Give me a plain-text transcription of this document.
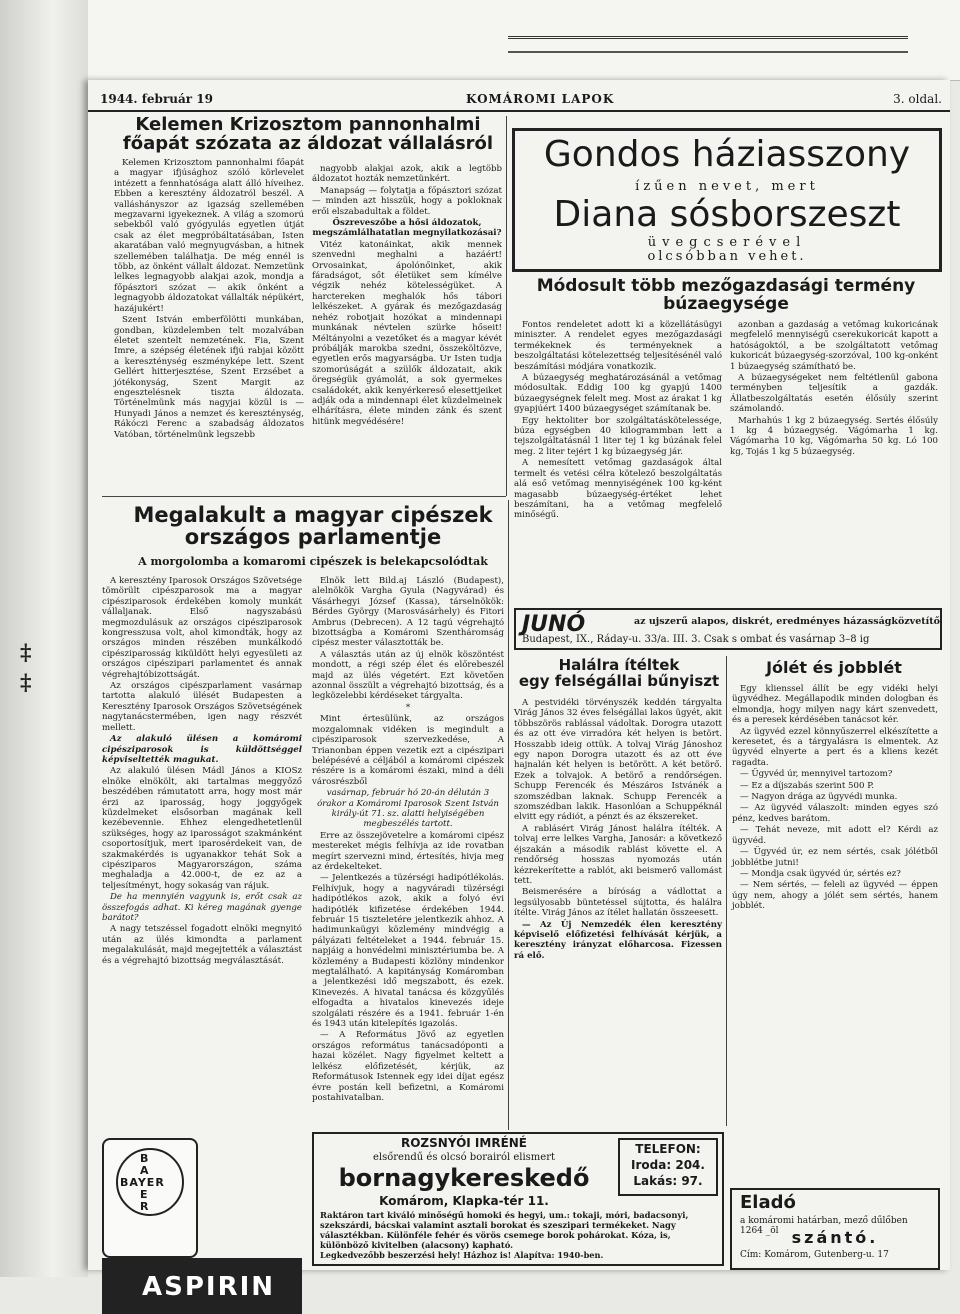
‡
‡
1944. február 19	KOMÁROMI LAPOK	3. oldal.
Kelemen Krizosztom pannonhalmi főapát szózata az áldozat vállalásról

Kelemen Krizosztom pannonhalmi főapát a magyar ifjúsághoz szóló körlevelet intézett a fennhatósága alatt álló híveihez. Ebben a keresztény áldozatról beszél. A valláshányszor az igazság szellemében megzavarni igyekeznek. A világ a szomorú sebekből való gyógyulás egyetlen útját csak az élet megpróbáltatásában, Isten akaratában való megnyugvásban, a hitnek szellemében találhatja. De még ennél is több, az önként vállalt áldozat. Nemzetünk lelkes legnagyobb alakjai azok, mondja a főpásztori szózat — akik önként a legnagyobb áldozatokat vállalták népükért, hazájukért!

Szent István emberfölötti munkában, gondban, küzdelemben telt mozalvában életet szentelt nemzetének. Fia, Szent Imre, a szépség életének ifjú rabjai között a kereszténység eszményképe lett. Szent Gellért hitterjesztése, Szent Erzsébet a jótékonyság, Szent Margit az engesztelésnek tiszta áldozata. Történelmünk más nagyjai közül is — Hunyadi János a nemzet és kereszténység, Rákóczi Ferenc a szabadság áldozatos Vatóban, történelmünk legszebb

nagyobb alakjai azok, akik a legtöbb áldozatot hozták nemzetünkért.

Manapság — folytatja a főpásztori szózat — minden azt hisszük, hogy a pokloknak erői elszabadultak a földet.

Őszreveszőbe a hősi áldozatok, megszámlálhatatlan megnyilatkozásai?

Vitéz katonáinkat, akik mennek szenvedni meghalni a hazáért! Orvosainkat, ápolónőinket, akik fáradságot, sőt életüket sem kímélve végzik nehéz kötelességüket. A harctereken meghalók hős tábori lelkészeket. A gyárak és mezőgazdaság nehéz robotjait hozókat a mindennapi munkának névtelen szürke hőseit! Méltányolni a vezetőket és a magyar kévét próbálják marokba szedni, összeköltözve, egyetlen erős magyarságba. Ur Isten tudja szomorúságát a szülők áldozatait, akik öregségük gyámolát, a sok gyermekes családokét, akik kenyérkereső elesettjeiket adják oda a mindennapi élet küzdelmeinek elhárításra, élete minden zánk és szent hitünk megvédésére!

Gondos háziasszony
ízűen nevet, mert
Diana sósborszeszt
üvegcserével
olcsóbban vehet.
Módosult több mezőgazdasági termény
búzaegysége

Fontos rendeletet adott ki a közellátásügyi miniszter. A rendelet egyes mezőgazdasági termékeknek és terményeknek a beszolgáltatási kötelezettség teljesítésénél való beszámítási módjára vonatkozik.

A búzaegység meghatározásánál a vetőmag módosultak. Eddig 100 kg gyapjú 1400 búzaegységnek felelt meg. Most az árakat 1 kg gyapjúért 1400 búzaegységet számítanak be.

Egy hektoliter bor szolgáltatáskötelessége, búza egységben 40 kilogrammban lett a tejszolgáltatásnál 1 liter tej 1 kg búzának felel meg. 2 liter tejért 1 kg búzaegység jár.

A nemesített vetőmag gazdaságok által termelt és vetési célra kötelező beszolgáltatás alá eső vetőmag mennyiségének 100 kg-ként magasabb búzaegység-értéket lehet beszámítani, ha a vetőmag megfelelő minőségű.

azonban a gazdaság a vetőmag kukoricának megfelelő mennyiségű cserekukoricát kapott a hatóságoktól, a be szolgáltatott vetőmag kukoricát búzaegység-szorzóval, 100 kg-onként 1 búzaegység számítható be.

A búzaegységeket nem feltétlenül gabona terményben teljesítik a gazdák. Állatbeszolgáltatás esetén élősúly szerint számolandó.

Marhahús 1 kg 2 búzaegység. Sertés élősúly 1 kg 4 búzaegység. Vágómarha 1 kg. Vágómarha 10 kg, Vágómarha 50 kg. Ló 100 kg, Tojás 1 kg 5 búzaegység.

Megalakult a magyar cipészek
országos parlamentje
A morgolomba a komaromi cipészek is belekapcsolódtak

A keresztény Iparosok Országos Szövetsége tömörült cipészparosok ma a magyar cipésziparosok érdekében komoly munkát vállaljanak. Első nagyszabású megmozdulásuk az országos cipésziparosok kongresszusa volt, ahol kimondták, hogy az országos minden részében munkálkodó cipésziparosság kiküldött helyi egyesületi az országos cipészipari parlamentet és annak végrehajtóbizottságát.

Az országos cipészparlament vasárnap tartotta alakuló ülését Budapesten a Keresztény Iparosok Országos Szövetségének nagytanácstermében, igen nagy részvét mellett.

Az alakuló ülésen a komáromi cipésziparosok is küldöttséggel képviseltették magukat.

Az alakuló ülésen Mádl János a KIOSz elnöke elnökölt, aki tartalmas meggyőző beszédében rámutatott arra, hogy most már érzi az iparosság, hogy joggyőgek küzdelmeket elsősorban magának kell kezébevennie. Ehhez elengedhetetlenül szükséges, hogy az iparosságot szakmánként csoportosítjuk, mert iparosérdekeit van, de szakmakérdés is ugyanakkor tehát Sok a cipésziparos Magyarországon, száma meghaladja a 42.000-t, de ez az a teljesítményt, hogy sokaság van rájuk.

De ha mennyién vagyunk is, erőt csak az összefogás adhat. Ki kéreg magának gyenge barátot?

A nagy tetszéssel fogadott elnöki megnyitó után az ülés kimondta a parlament megalakulását, majd megejtették a választást és a végrehajtó bizottság megválasztását.

Elnök lett Bild.aj László (Budapest), alelnökök Vargha Gyula (Nagyvárad) és Vásárhegyi József (Kassa), társelnökök: Bérdes György (Marosvásárhely) és Fitori Ambrus (Debrecen). A 12 tagú végrehajtó bizottságba a Komáromi Szentháromság cipész mester választották be.

A választás után az új elnök köszöntést mondott, a régi szép élet és előrebeszél majd az ülés végetért. Ezt követően azonnal összült a végrehajtó bizottság, és a legközelebbi kérdéseket tárgyalta.

*

Mint értesülünk, az országos mozgalomnak vidéken is megindult a cipésziparosok szervezkedése, A Trianonban éppen vezetik ezt a cipészipari belépésévé a céljából a komáromi cipészek részére is a komáromi északi, mind a déli városrészből

vasárnap, február hó 20-án délután 3 órakor a Komáromi Iparosok Szent István király-út 71. sz. alatti helyiségében megbeszélés tartott.

Erre az összejövetelre a komáromi cipész mestereket mégis felhívja az ide rovatban megírt szervezni mind, értesítés, hivja meg az érdekelteket.

— Jelentkezés a tüzérségi hadipótlékolás. Felhívjuk, hogy a nagyváradi tüzérségi hadipótlékos azok, akik a folyó évi hadipótlék kifizetése érdekében 1944. február 15 tiszteletére jelentkezik ahhoz. A hadimunkaügyi közlemény mindvégig a pályázati feltételeket a 1944. február 15. napjáig a honvédelmi minisztériumba be. A közlemény a Budapesti közlöny mindenkor megtalálható. A kapitányság Komáromban a jelentkezési idő megszabott, és ezek. Kinevezés. A hivatal tanácsa és közgyűlés elfogadta a hivatalos kinevezés ideje szolgálati részére és a 1941. február 1-én és 1943 után kitelepítés igazolás.

— A Református Jövő az egyetlen országos református tanácsadóponti a hazai közélet. Nagy figyelmet keltett a lelkész előfizetését, kérjük, az Reformátusok Istennek egy idei díjat egész évre postán kell befizetni, a Komáromi postahivatalban.

JUNÓ	az ujszerű alapos, diskrét, eredményes házasságközvetítő
Budapest, IX., Ráday-u. 33/a. III. 3. Csak s ombat és vasárnap 3–8 ig
Halálra ítéltek
egy felségállai bűnyiszt

A pestvidéki törvényszék keddén tárgyalta Virág János 32 éves felségállai lakos ügyét, akit többszörös rablással vádoltak. Dorogra utazott és az ott éve virradóra két helyen is betört. Hosszabb ideig ottük. A tolvaj Virág Jánoshoz egy napon Dorogra utazott és az ott éve hajnalán két helyen is betörött. A két betörő. Ezek a tolvajok. A betörő a rendőrségen. Schupp Ferencék és Mészáros Istvánék a szomszédban laknak. Schupp Ferencék a szomszédban lakik. Hasonlóan a Schuppéknál elvitt egy rádiót, a pénzt és az ékszereket.

A rablásért Virág Jánost halálra ítélték. A tolvaj erre lelkes Vargha, Janosár: a következő éjszakán a második rablást követte el. A rendőrség hosszas nyomozás után kézrekerítette a rablót, aki beismerő vallomást tett.

Beismerésére a bíróság a vádlottat a legsúlyosabb büntetéssel sújtotta, és halálra ítélte. Virág János az ítélet hallatán összeesett.

— Az Új Nemzedék élen keresztény képviselő előfizetési felhívását kérjük, a keresztény irányzat előharcosa. Fizessen rá elő.

Jólét és jobblét

Egy klienssel állít be egy vidéki helyi ügyvédhez. Megállapodik minden dologban és elmondja, hogy milyen nagy kárt szenvedett, és a peresek kérdésében tanácsot kér.

Az ügyvéd ezzel könnyűszerrel elkészítette a keresetet, és a tárgyalásra is elmentek. Az ügyvéd elnyerte a pert és a kliens kezét ragadta.

— Ügyvéd úr, mennyivel tartozom?

— Ez a díjszabás szerint 500 P.

— Nagyon drága az ügyvédi munka.

— Az ügyvéd válaszolt: minden egyes szó pénz, kedves barátom.

— Tehát neveze, mit adott el? Kérdi az ügyvéd.

— Ügyvéd úr, ez nem sértés, csak jólétből jobblétbe jutni!

— Mondja csak ügyvéd úr, sértés ez?

— Nem sértés, — feleli az ügyvéd — éppen úgy nem, ahogy a jólét sem sértés, hanem jobblét.

ROZSNYÓI IMRÉNÉ
elsőrendű és olcsó borairól elismert
bornagykereskedő
Komárom, Klapka-tér 11.
Raktáron tart kiváló minőségű homoki és hegyi, um.: tokaji, móri, badacsonyi, szekszárdi, bácskai valamint asztali borokat és szeszipari termékeket. Nagy választékban. Különféle fehér és vörös csemege borok pohárokat. Kóza, is, különböző kivitelben (alacsony) kapható.
Legkedvezőbb beszerzési hely! Házhoz is! Alapítva: 1940-ben.
TELEFON:
Iroda: 204.
Lakás: 97.
Eladó
a komáromi határban, mező dűlőben 1264 _öl szántó.
Cím: Komárom, Gutenberg-u. 17
B
A
BAYER
E
R
ASPIRIN
